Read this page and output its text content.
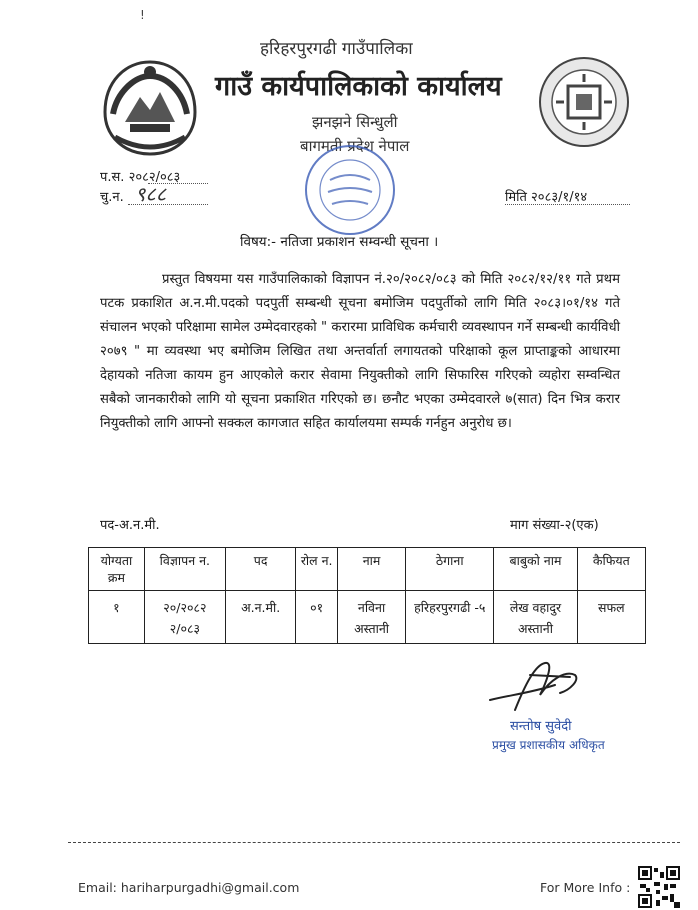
!
हरिहरपुरगढी गाउँपालिका
गाउँ कार्यपालिकाको कार्यालय
झनझने सिन्धुली
बागमती प्रदेश नेपाल
प.स. २०८२/०८३
चु.न. ९८८	मिति २०८३/१/१४
विषय:- नतिजा प्रकाशन सम्वन्धी सूचना ।

प्रस्तुत विषयमा यस गाउँपालिकाको विज्ञापन नं.२०/२०८२/०८३ को मिति २०८२/१२/११ गते प्रथम पटक प्रकाशित अ.न.मी.पदको पदपुर्ती सम्बन्धी सूचना बमोजिम पदपुर्तीको लागि मिति २०८३।०१/१४ गते संचालन भएको परिक्षामा सामेल उम्मेदवारहको " करारमा प्राविधिक कर्मचारी व्यवस्थापन गर्ने सम्बन्धी कार्यविधी २०७९ " मा व्यवस्था भए बमोजिम लिखित तथा अन्तर्वार्ता लगायतको परिक्षाको कूल प्राप्ताङ्कको आधारमा देहायको नतिजा कायम हुन आएकोले करार सेवामा नियुक्तीको लागि सिफारिस गरिएको व्यहोरा सम्वन्धित सबैको जानकारीको लागि यो सूचना प्रकाशित गरिएको छ। छनौट भएका उम्मेदवारले ७(सात) दिन भित्र करार नियुक्तीको लागि आफ्नो सक्कल कागजात सहित कार्यालयमा सम्पर्क गर्नहुन अनुरोध छ।

पद-अ.न.मी.	माग संख्या-२(एक)
योग्यता क्रम	विज्ञापन न.	पद	रोल न.	नाम	ठेगाना	बाबुको नाम	कैफियत
१	२०/२०८२ २/०८३	अ.न.मी.	०१	नविना अस्तानी	हरिहरपुरगढी -५	लेख वहादुर अस्तानी	सफल
सन्तोष सुवेदी
प्रमुख प्रशासकीय अधिकृत
Email: hariharpurgadhi@gmail.com	For More Info :
